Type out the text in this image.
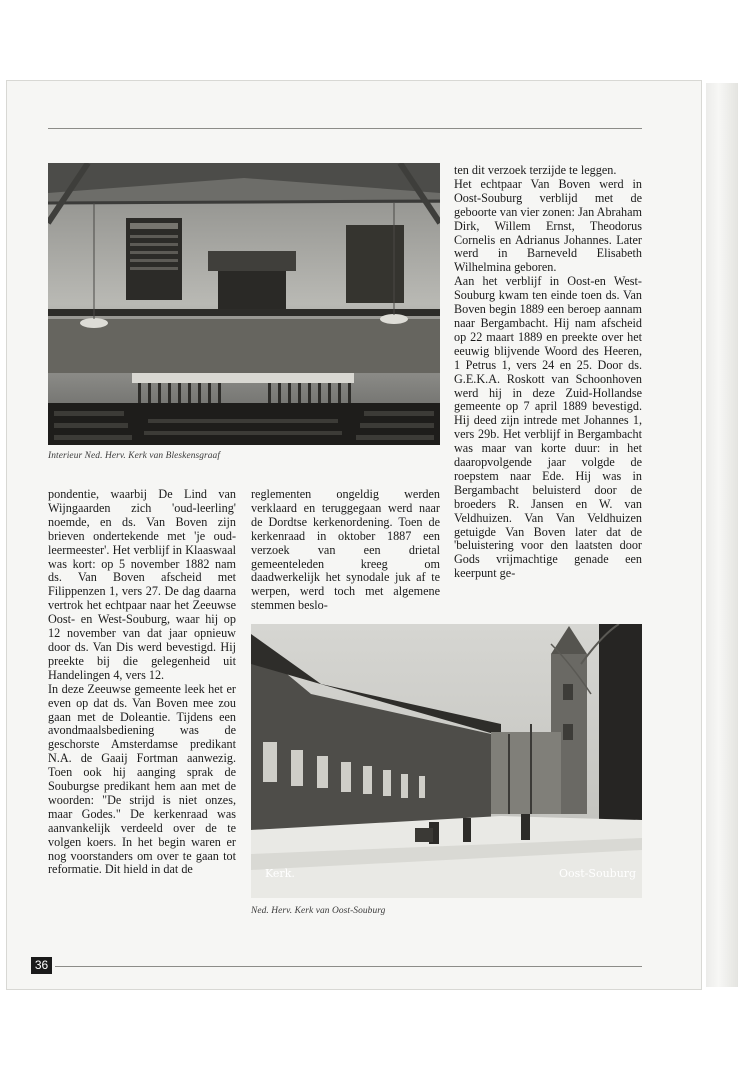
Interieur Ned. Herv. Kerk van Bleskensgraaf

ten dit verzoek terzijde te leggen.

Het echtpaar Van Boven werd in Oost-Souburg verblijd met de geboorte van vier zonen: Jan Abraham Dirk, Willem Ernst, Theodorus Cornelis en Adrianus Johannes. Later werd in Barneveld Elisabeth Wilhelmina geboren.

Aan het verblijf in Oost-en West-Souburg kwam ten einde toen ds. Van Boven begin 1889 een beroep aannam naar Bergambacht. Hij nam afscheid op 22 maart 1889 en preekte over het eeuwig blijvende Woord des Heeren, 1 Petrus 1, vers 24 en 25. Door ds. G.E.K.A. Roskott van Schoonhoven werd hij in deze Zuid-Hollandse gemeente op 7 april 1889 bevestigd. Hij deed zijn intrede met Johannes 1, vers 29b. Het verblijf in Bergambacht was maar van korte duur: in het daaropvolgende jaar volgde de roepstem naar Ede. Hij was in Bergambacht beluisterd door de broeders R. Jansen en W. van Veldhuizen. Van Van Veldhuizen getuigde Van Boven later dat de 'beluistering voor den laatsten door Gods vrijmachtige genade een keerpunt ge-

pondentie, waarbij De Lind van Wijngaarden zich 'oud-leerling' noemde, en ds. Van Boven zijn brieven ondertekende met 'je oud-leermeester'. Het verblijf in Klaaswaal was kort: op 5 november 1882 nam ds. Van Boven afscheid met Filippenzen 1, vers 27. De dag daarna vertrok het echtpaar naar het Zeeuwse Oost- en West-Souburg, waar hij op 12 november van dat jaar opnieuw door ds. Van Dis werd bevestigd. Hij preekte bij die gelegenheid uit Handelingen 4, vers 12.

In deze Zeeuwse gemeente leek het er even op dat ds. Van Boven mee zou gaan met de Doleantie. Tijdens een avondmaalsbediening was de geschorste Amsterdamse predikant N.A. de Gaaij Fortman aanwezig. Toen ook hij aanging sprak de Souburgse predikant hem aan met de woorden: "De strijd is niet onzes, maar Godes." De kerkenraad was aanvankelijk verdeeld over de te volgen koers. In het begin waren er nog voorstanders om over te gaan tot reformatie. Dit hield in dat de

reglementen ongeldig werden verklaard en teruggegaan werd naar de Dordtse kerkenordening. Toen de kerkenraad in oktober 1887 een verzoek van een drietal gemeenteleden kreeg om daadwerkelijk het synodale juk af te werpen, werd toch met algemene stemmen beslo-

Kerk.	Oost-Souburg
Ned. Herv. Kerk van Oost-Souburg
36
